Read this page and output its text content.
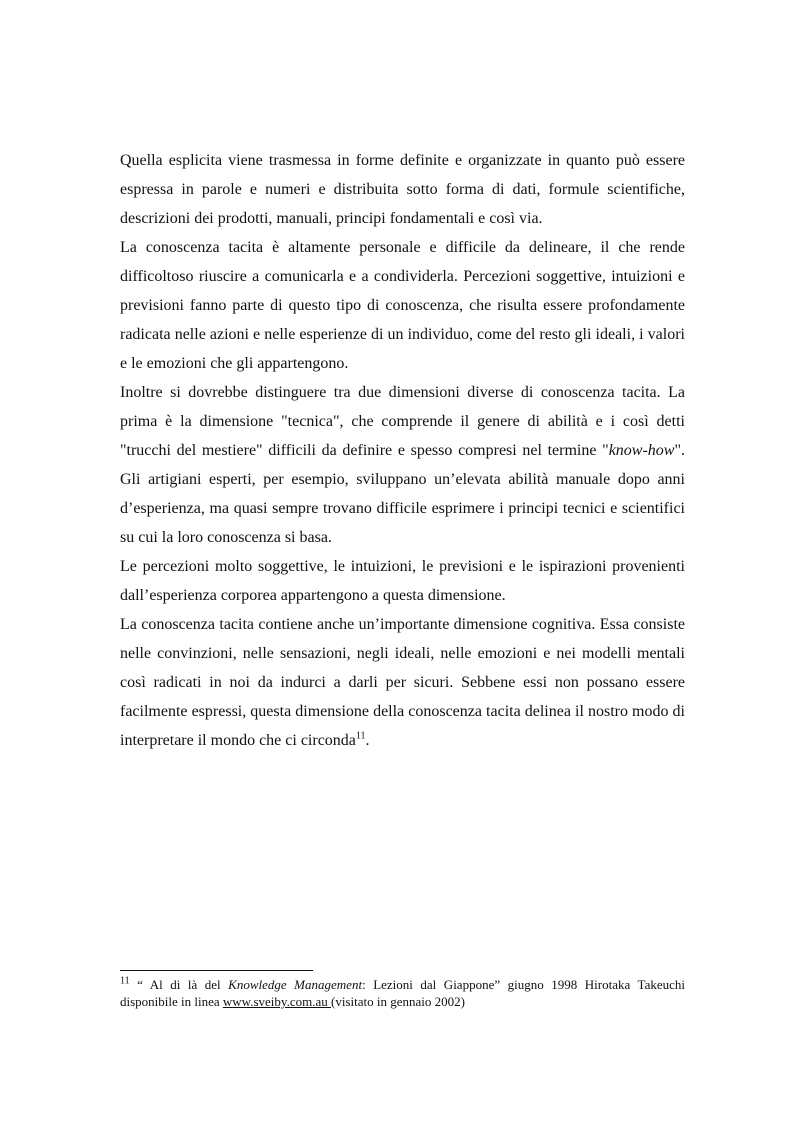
Quella esplicita viene trasmessa in forme definite e organizzate in quanto può essere espressa in parole e numeri e distribuita sotto forma di dati, formule scientifiche, descrizioni dei prodotti, manuali, principi fondamentali e così via.

La conoscenza tacita è altamente personale e difficile da delineare, il che rende difficoltoso riuscire a comunicarla e a condividerla. Percezioni soggettive, intuizioni e previsioni fanno parte di questo tipo di conoscenza, che risulta essere profondamente radicata nelle azioni e nelle esperienze di un individuo, come del resto gli ideali, i valori e le emozioni che gli appartengono.

Inoltre si dovrebbe distinguere tra due dimensioni diverse di conoscenza tacita. La prima è la dimensione "tecnica", che comprende il genere di abilità e i così detti "trucchi del mestiere" difficili da definire e spesso compresi nel termine "know-how". Gli artigiani esperti, per esempio, sviluppano un’elevata abilità manuale dopo anni d’esperienza, ma quasi sempre trovano difficile esprimere i principi tecnici e scientifici su cui la loro conoscenza si basa.

Le percezioni molto soggettive, le intuizioni, le previsioni e le ispirazioni provenienti dall’esperienza corporea appartengono a questa dimensione.

La conoscenza tacita contiene anche un’importante dimensione cognitiva. Essa consiste nelle convinzioni, nelle sensazioni, negli ideali, nelle emozioni e nei modelli mentali così radicati in noi da indurci a darli per sicuri. Sebbene essi non possano essere facilmente espressi, questa dimensione della conoscenza tacita delinea il nostro modo di interpretare il mondo che ci circonda$^{11}$.

$^{11}$ “ Al di là del Knowledge Management: Lezioni dal Giappone” giugno 1998 Hirotaka Takeuchi disponibile in linea www.sveiby.com.au (visitato in gennaio 2002)
